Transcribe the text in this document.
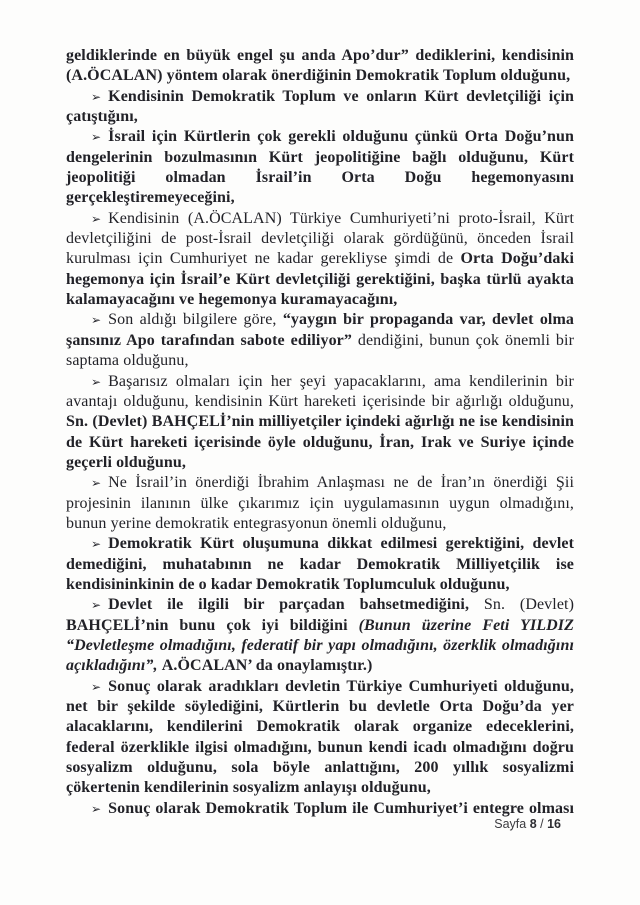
geldiklerinde en büyük engel şu anda Apo’dur” dediklerini, kendisinin (A.ÖCALAN) yöntem olarak önerdiğinin Demokratik Toplum olduğunu,

➢ Kendisinin Demokratik Toplum ve onların Kürt devletçiliği için çatıştığını,

➢ İsrail için Kürtlerin çok gerekli olduğunu çünkü Orta Doğu’nun dengelerinin bozulmasının Kürt jeopolitiğine bağlı olduğunu, Kürt jeopolitiği olmadan İsrail’in Orta Doğu hegemonyasını gerçekleştiremeyeceğini,

➢ Kendisinin (A.ÖCALAN) Türkiye Cumhuriyeti’ni proto-İsrail, Kürt devletçiliğini de post-İsrail devletçiliği olarak gördüğünü, önceden İsrail kurulması için Cumhuriyet ne kadar gerekliyse şimdi de Orta Doğu’daki hegemonya için İsrail’e Kürt devletçiliği gerektiğini, başka türlü ayakta kalamayacağını ve hegemonya kuramayacağını,

➢ Son aldığı bilgilere göre, “yaygın bir propaganda var, devlet olma şansınız Apo tarafından sabote ediliyor” dendiğini, bunun çok önemli bir saptama olduğunu,

➢ Başarısız olmaları için her şeyi yapacaklarını, ama kendilerinin bir avantajı olduğunu, kendisinin Kürt hareketi içerisinde bir ağırlığı olduğunu, Sn. (Devlet) BAHÇELİ’nin milliyetçiler içindeki ağırlığı ne ise kendisinin de Kürt hareketi içerisinde öyle olduğunu, İran, Irak ve Suriye içinde geçerli olduğunu,

➢ Ne İsrail’in önerdiği İbrahim Anlaşması ne de İran’ın önerdiği Şii projesinin ilanının ülke çıkarımız için uygulamasının uygun olmadığını, bunun yerine demokratik entegrasyonun önemli olduğunu,

➢ Demokratik Kürt oluşumuna dikkat edilmesi gerektiğini, devlet demediğini, muhatabının ne kadar Demokratik Milliyetçilik ise kendisininkinin de o kadar Demokratik Toplumculuk olduğunu,

➢ Devlet ile ilgili bir parçadan bahsetmediğini, Sn. (Devlet) BAHÇELİ’nin bunu çok iyi bildiğini (Bunun üzerine Feti YILDIZ “Devletleşme olmadığını, federatif bir yapı olmadığını, özerklik olmadığını açıkladığını”, A.ÖCALAN’ da onaylamıştır.)

➢ Sonuç olarak aradıkları devletin Türkiye Cumhuriyeti olduğunu, net bir şekilde söylediğini, Kürtlerin bu devletle Orta Doğu’da yer alacaklarını, kendilerini Demokratik olarak organize edeceklerini, federal özerklikle ilgisi olmadığını, bunun kendi icadı olmadığını doğru sosyalizm olduğunu, sola böyle anlattığını, 200 yıllık sosyalizmi çökertenin kendilerinin sosyalizm anlayışı olduğunu,

➢ Sonuç olarak Demokratik Toplum ile Cumhuriyet’i entegre olması

Sayfa 8 / 16
